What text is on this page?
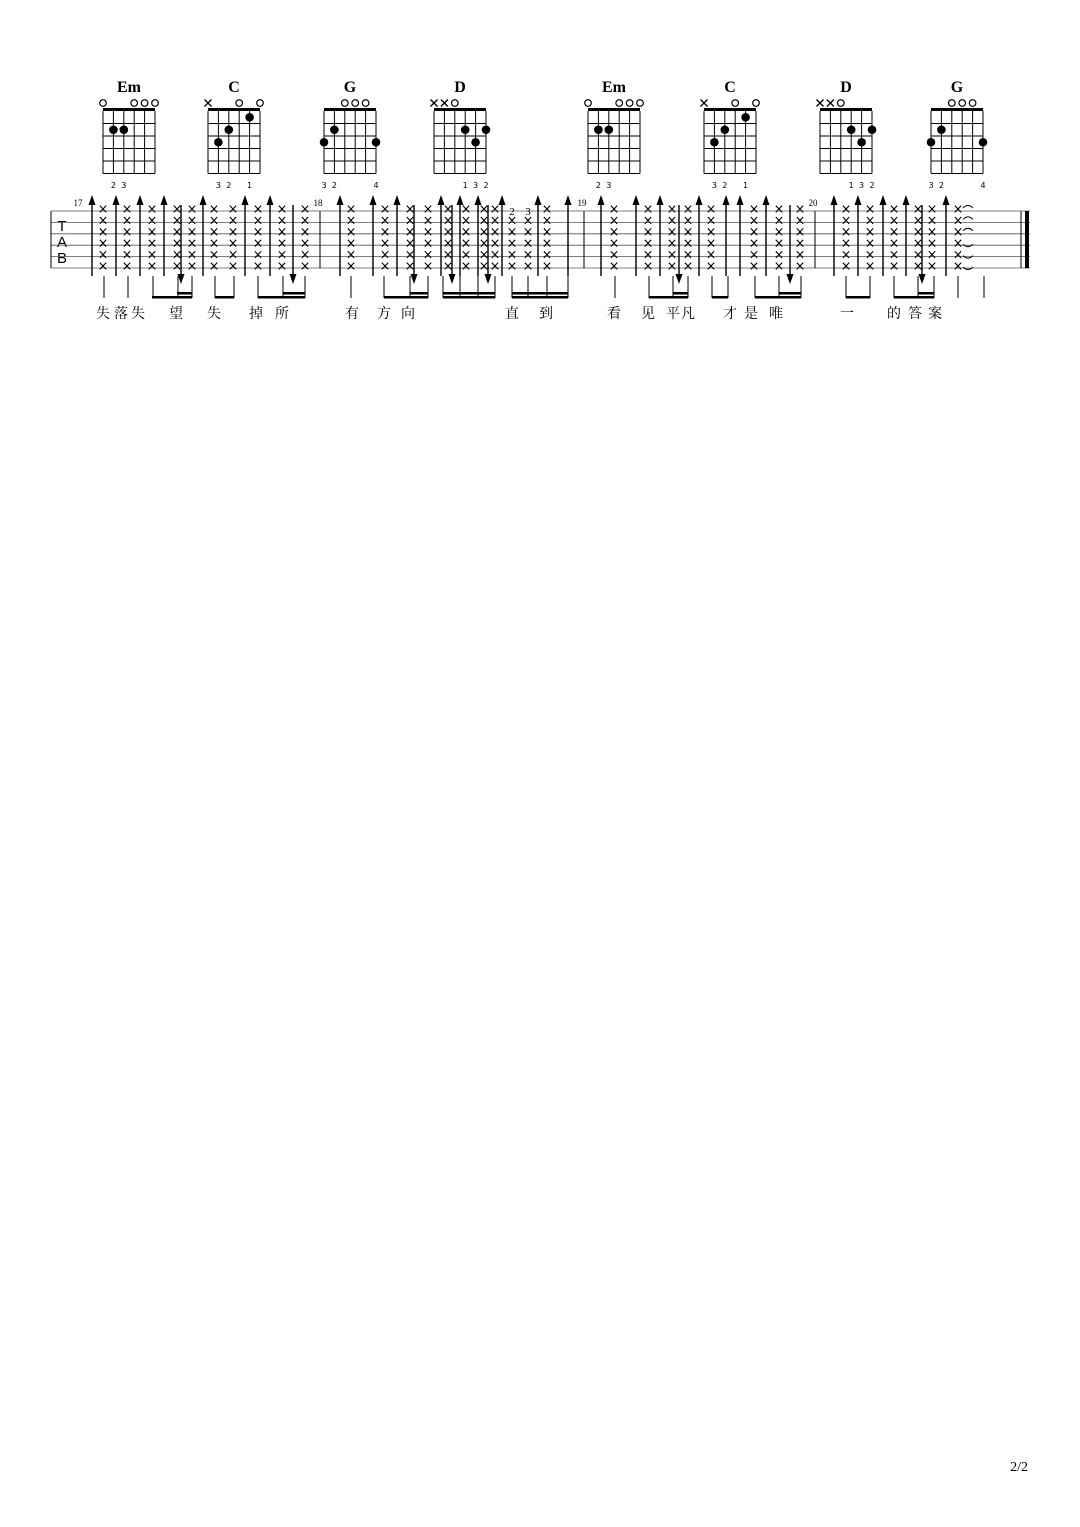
Em
2 3
C
3 2 1
G
3 2	4
D
1 3 2
Em
2 3
C
3 2 1
D
1 3 2
G
3 2	4
T
A
B
17	18	19	20
2 3
失 落 失 望 失 掉 所	有 方 向	直 到	看 见 平 凡 才 是 唯	一 的 答 案
2/2
